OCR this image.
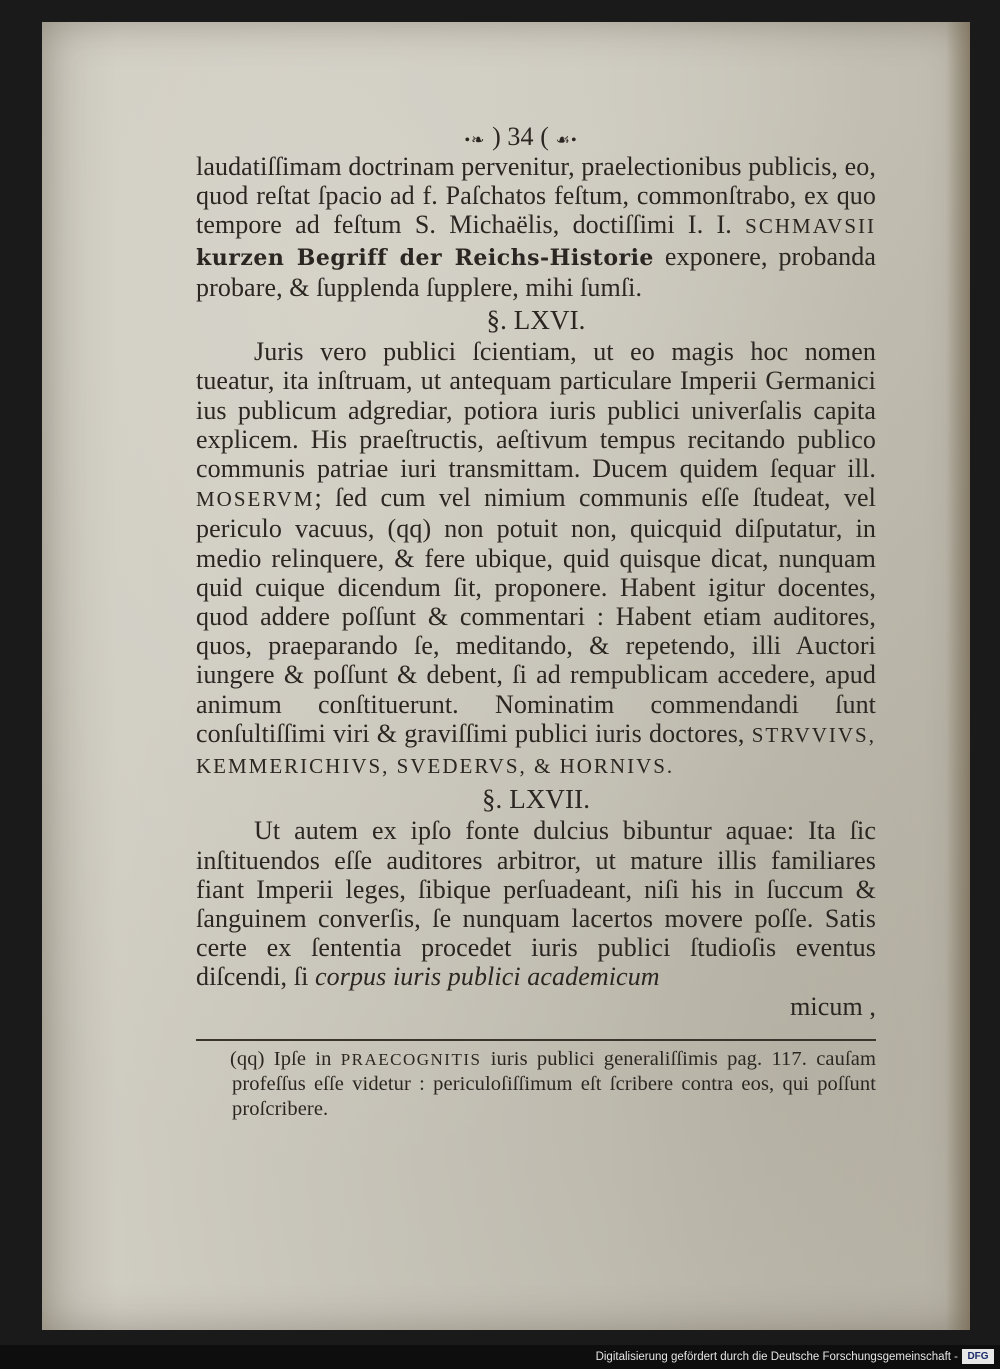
•❧ ) 34 ( ☙•

laudatiſſimam doctrinam pervenitur, praelectionibus publicis, eo, quod reſtat ſpacio ad f. Paſchatos feſtum, commonſtrabo, ex quo tempore ad feſtum S. Michaëlis, doctiſſimi I. I. SCHMAVSII kurzen Begriff der Reichs-Historie exponere, probanda probare, & ſupplenda ſupplere, mihi ſumſi.

§. LXVI.

Juris vero publici ſcientiam, ut eo magis hoc nomen tueatur, ita inſtruam, ut antequam particulare Imperii Germanici ius publicum adgrediar, potiora iuris publici univerſalis capita explicem. His praeſtructis, aeſtivum tempus recitando publico communis patriae iuri transmittam. Ducem quidem ſequar ill. MOSERVM; ſed cum vel nimium communis eſſe ſtudeat, vel periculo vacuus, (qq) non potuit non, quicquid diſputatur, in medio relinquere, & fere ubique, quid quisque dicat, nunquam quid cuique dicendum ſit, proponere. Habent igitur docentes, quod addere poſſunt & commentari : Habent etiam auditores, quos, praeparando ſe, meditando, & repetendo, illi Auctori iungere & poſſunt & debent, ſi ad rempublicam accedere, apud animum conſtituerunt. Nominatim commendandi ſunt conſultiſſimi viri & graviſſimi publici iuris doctores, STRVVIVS, KEMMERICHIVS, SVEDERVS, & HORNIVS.

§. LXVII.

Ut autem ex ipſo fonte dulcius bibuntur aquae: Ita ſic inſtituendos eſſe auditores arbitror, ut mature illis familiares fiant Imperii leges, ſibique perſuadeant, niſi his in ſuccum & ſanguinem converſis, ſe nunquam lacertos movere poſſe. Satis certe ex ſententia procedet iuris publici ſtudioſis eventus diſcendi, ſi corpus iuris publici academicum

micum ,

(qq) Ipſe in PRAECOGNITIS iuris publici generaliſſimis pag. 117. cauſam profeſſus eſſe videtur : periculoſiſſimum eſt ſcribere contra eos, qui poſſunt proſcribere.
Digitalisierung gefördert durch die Deutsche Forschungsgemeinschaft - DFG
